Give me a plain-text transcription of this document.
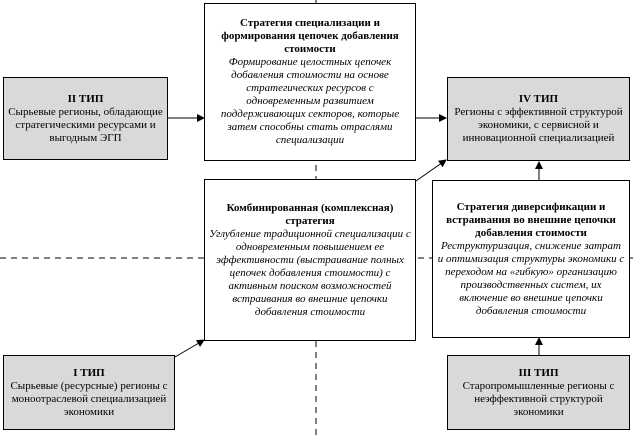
II ТИП
Сырьевые регионы, обладающие стратегическими ресурсами и выгодным ЭГП
Стратегия специализации и формирования цепочек добавления стоимости
Формирование целостных цепочек добавления стоимости на основе стратегических ресурсов с одновременным развитием поддерживающих секторов, которые затем способны стать отраслями специализации
IV ТИП
Регионы с эффективной структурой экономики, с сервисной и инновационной специализацией
Комбинированная (комплексная) стратегия
Углубление традиционной специализации с одновременным повышением ее эффективности (выстраивание полных цепочек добавления стоимости) с активным поиском возможностей встраивания во внешние цепочки добавления стоимости
Стратегия диверсификации и встраивания во внешние цепочки добавления стоимости
Реструктуризация, снижение затрат и оптимизация структуры экономики с переходом на «гибкую» организацию производственных систем, их включение во внешние цепочки добавления стоимости
I ТИП
Сырьевые (ресурсные) регионы с моноотраслевой специализацией экономики
III ТИП
Старопромышленные регионы с неэффективной структурой экономики
